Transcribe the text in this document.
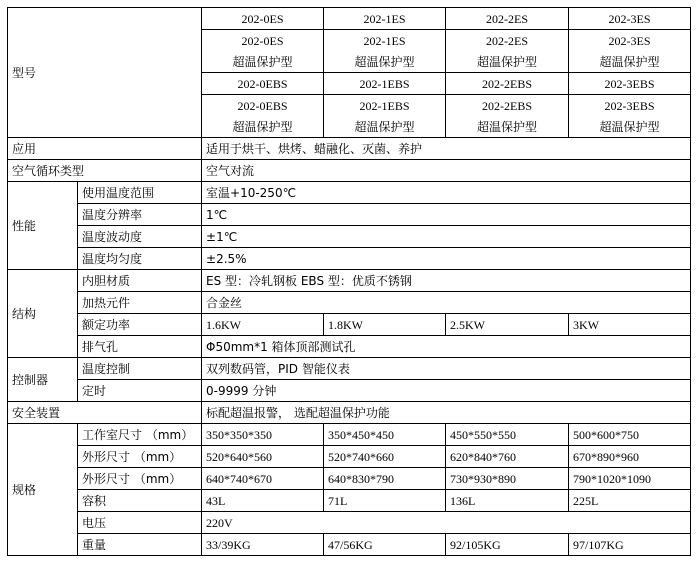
型号		202-0ES	202-1ES	202-2ES	202-3ES
		202-0ES	202-1ES	202-2ES	202-3ES
		超温保护型	超温保护型	超温保护型	超温保护型
		202-0EBS	202-1EBS	202-2EBS	202-3EBS
		202-0EBS	202-1EBS	202-2EBS	202-3EBS
		超温保护型	超温保护型	超温保护型	超温保护型
应用		适用于烘干、烘烤、蜡融化、灭菌、养护			
空气循环类型		空气对流			
性能	使用温度范围	室温+10-250℃			
	温度分辨率	1℃			
	温度波动度	±1℃			
	温度均匀度	±2.5%			
结构	内胆材质	ES 型：冷轧钢板 EBS 型：优质不锈钢			
	加热元件	合金丝			
	额定功率	1.6KW	1.8KW	2.5KW	3KW
	排气孔	Φ50mm*1 箱体顶部测试孔			
控制器	温度控制	双列数码管，PID 智能仪表			
	定时	0-9999 分钟			
安全装置		标配超温报警， 选配超温保护功能			
规格	工作室尺寸 （mm）	350*350*350	350*450*450	450*550*550	500*600*750
	外形尺寸 （mm）	520*640*560	520*740*660	620*840*760	670*890*960
	外形尺寸 （mm）	640*740*670	640*830*790	730*930*890	790*1020*1090
	容积	43L	71L	136L	225L
	电压	220V			
	重量	33/39KG	47/56KG	92/105KG	97/107KG
